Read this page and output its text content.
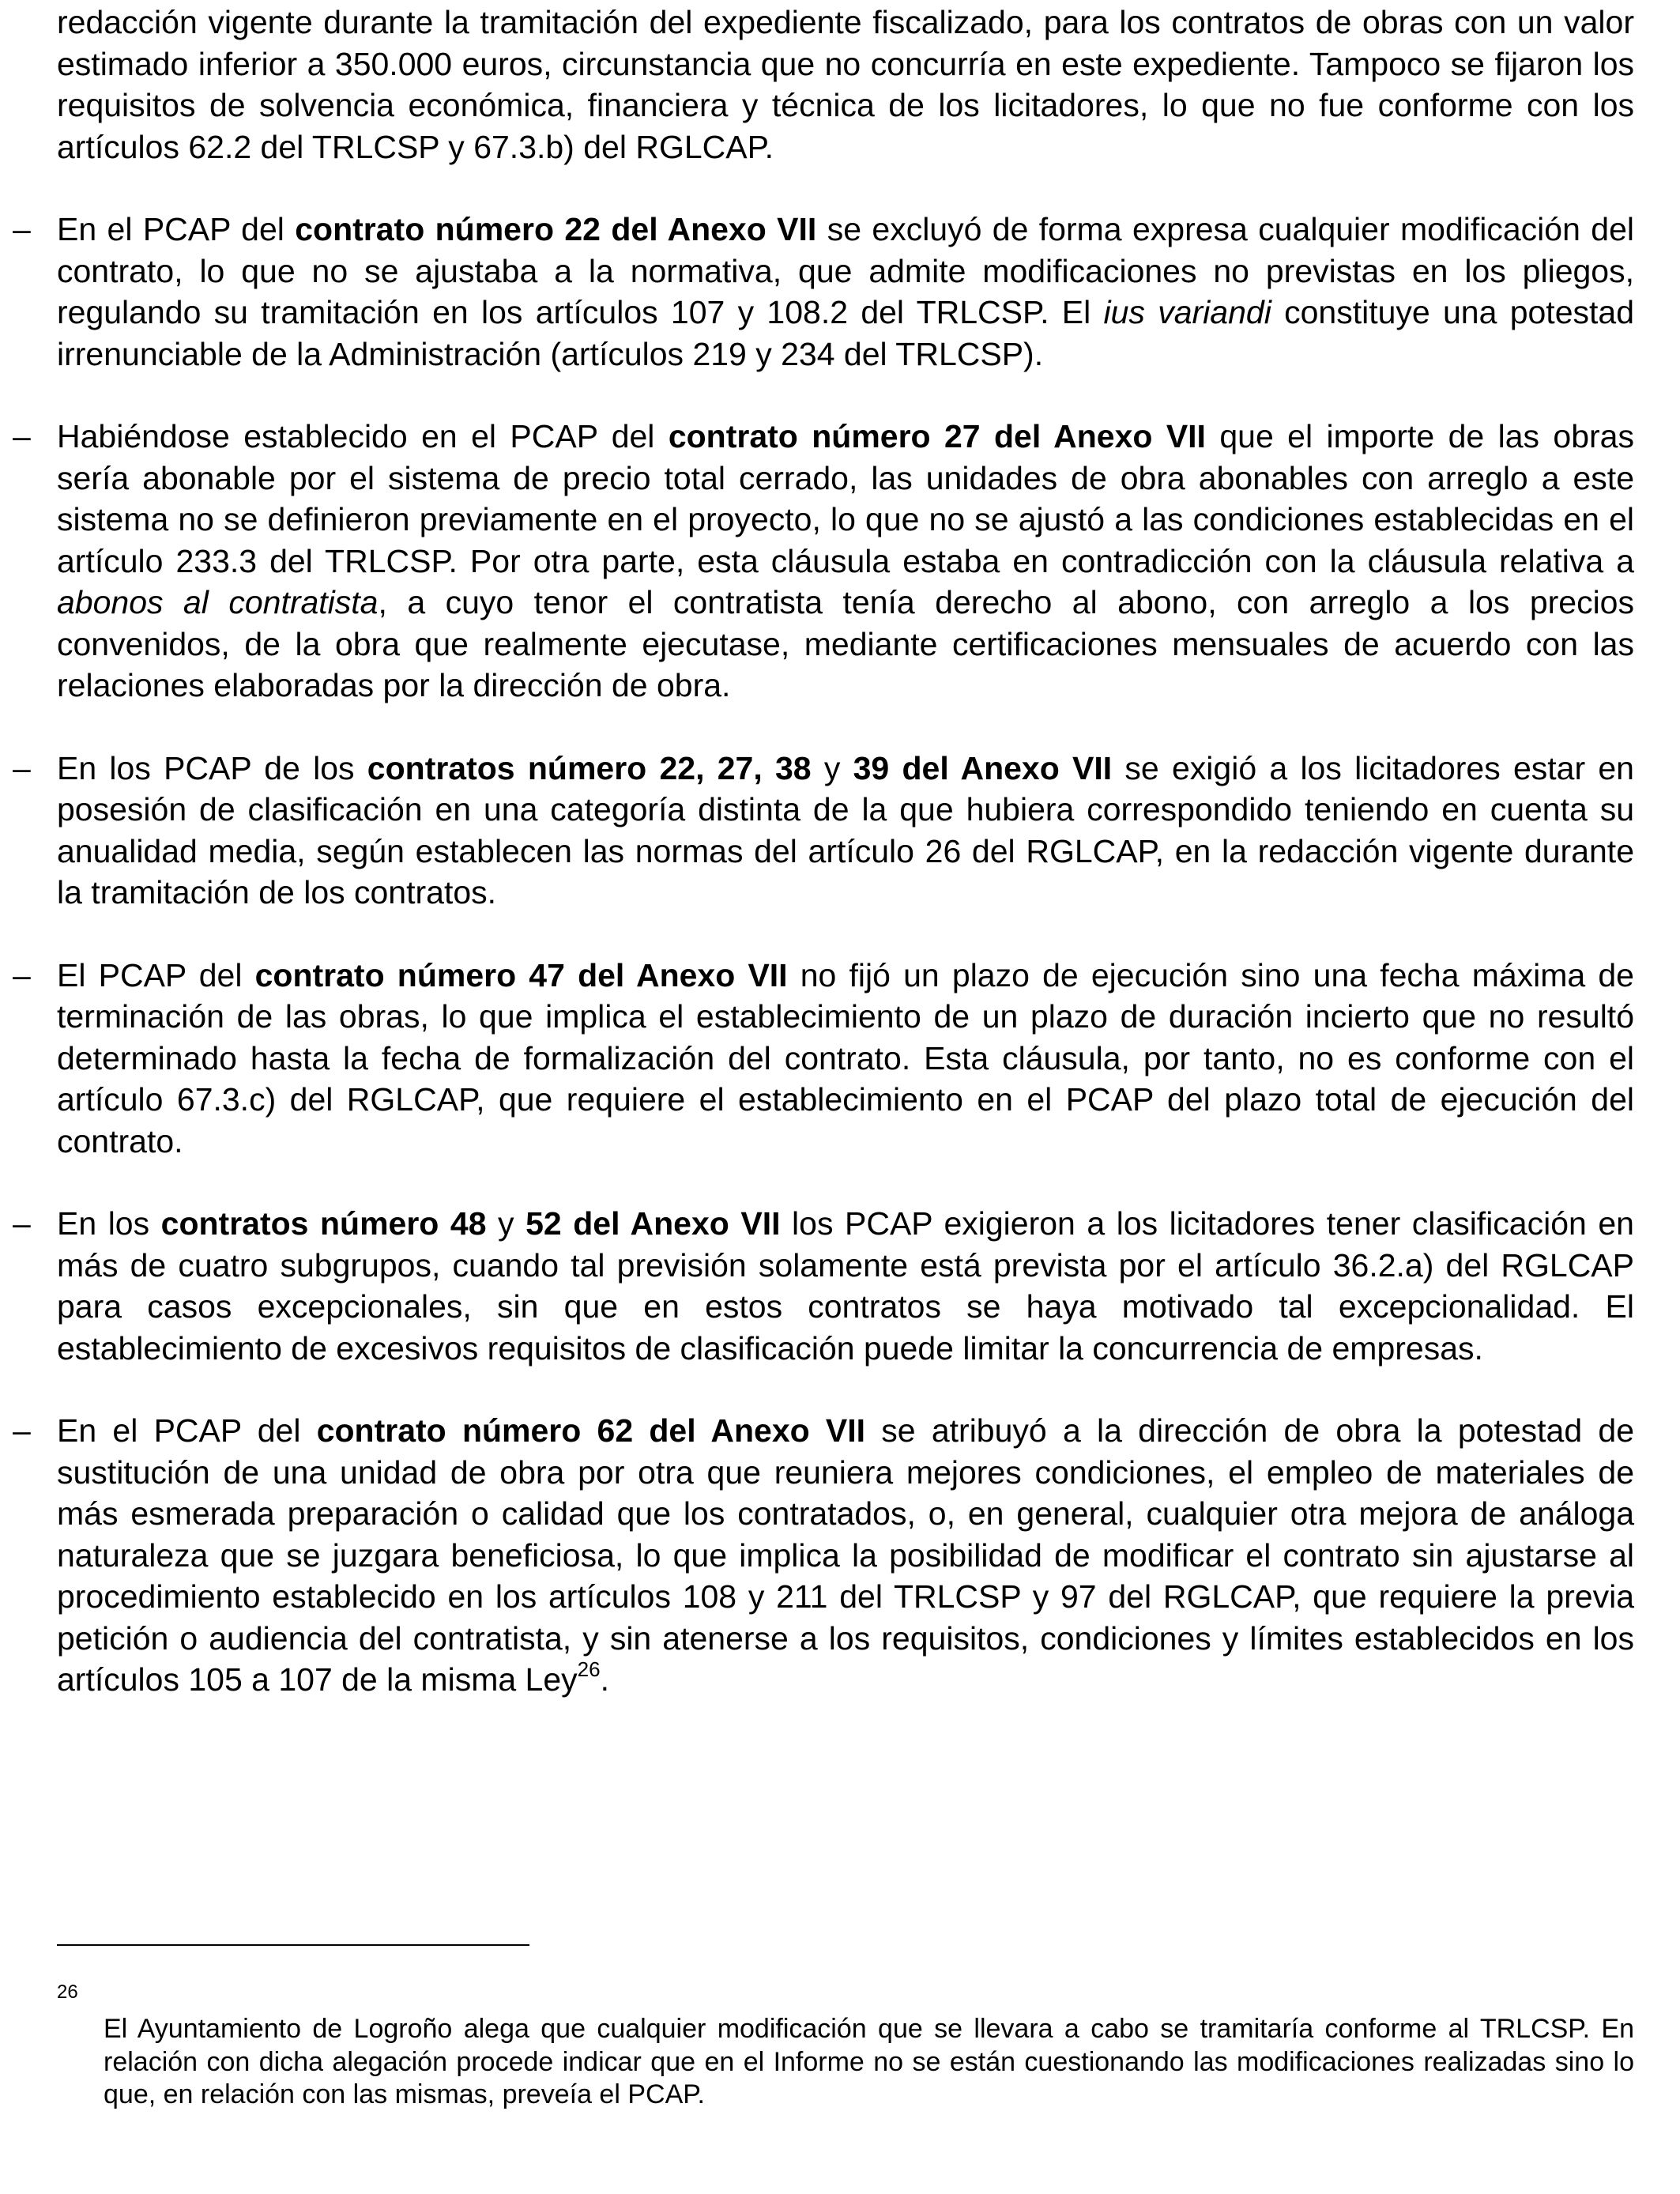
redacción vigente durante la tramitación del expediente fiscalizado, para los contratos de obras con un valor estimado inferior a 350.000 euros, circunstancia que no concurría en este expediente. Tampoco se fijaron los requisitos de solvencia económica, financiera y técnica de los licitadores, lo que no fue conforme con los artículos 62.2 del TRLCSP y 67.3.b) del RGLCAP.

– En el PCAP del contrato número 22 del Anexo VII se excluyó de forma expresa cualquier modificación del contrato, lo que no se ajustaba a la normativa, que admite modificaciones no previstas en los pliegos, regulando su tramitación en los artículos 107 y 108.2 del TRLCSP. El ius variandi constituye una potestad irrenunciable de la Administración (artículos 219 y 234 del TRLCSP).

– Habiéndose establecido en el PCAP del contrato número 27 del Anexo VII que el importe de las obras sería abonable por el sistema de precio total cerrado, las unidades de obra abonables con arreglo a este sistema no se definieron previamente en el proyecto, lo que no se ajustó a las condiciones establecidas en el artículo 233.3 del TRLCSP. Por otra parte, esta cláusula estaba en contradicción con la cláusula relativa a abonos al contratista, a cuyo tenor el contratista tenía derecho al abono, con arreglo a los precios convenidos, de la obra que realmente ejecutase, mediante certificaciones mensuales de acuerdo con las relaciones elaboradas por la dirección de obra.

– En los PCAP de los contratos número 22, 27, 38 y 39 del Anexo VII se exigió a los licitadores estar en posesión de clasificación en una categoría distinta de la que hubiera correspondido teniendo en cuenta su anualidad media, según establecen las normas del artículo 26 del RGLCAP, en la redacción vigente durante la tramitación de los contratos.

– El PCAP del contrato número 47 del Anexo VII no fijó un plazo de ejecución sino una fecha máxima de terminación de las obras, lo que implica el establecimiento de un plazo de duración incierto que no resultó determinado hasta la fecha de formalización del contrato. Esta cláusula, por tanto, no es conforme con el artículo 67.3.c) del RGLCAP, que requiere el establecimiento en el PCAP del plazo total de ejecución del contrato.

– En los contratos número 48 y 52 del Anexo VII los PCAP exigieron a los licitadores tener clasificación en más de cuatro subgrupos, cuando tal previsión solamente está prevista por el artículo 36.2.a) del RGLCAP para casos excepcionales, sin que en estos contratos se haya motivado tal excepcionalidad. El establecimiento de excesivos requisitos de clasificación puede limitar la concurrencia de empresas.

– En el PCAP del contrato número 62 del Anexo VII se atribuyó a la dirección de obra la potestad de sustitución de una unidad de obra por otra que reuniera mejores condiciones, el empleo de materiales de más esmerada preparación o calidad que los contratados, o, en general, cualquier otra mejora de análoga naturaleza que se juzgara beneficiosa, lo que implica la posibilidad de modificar el contrato sin ajustarse al procedimiento establecido en los artículos 108 y 211 del TRLCSP y 97 del RGLCAP, que requiere la previa petición o audiencia del contratista, y sin atenerse a los requisitos, condiciones y límites establecidos en los artículos 105 a 107 de la misma Ley$^{26}$.

26

El Ayuntamiento de Logroño alega que cualquier modificación que se llevara a cabo se tramitaría conforme al TRLCSP. En relación con dicha alegación procede indicar que en el Informe no se están cuestionando las modificaciones realizadas sino lo que, en relación con las mismas, preveía el PCAP.
